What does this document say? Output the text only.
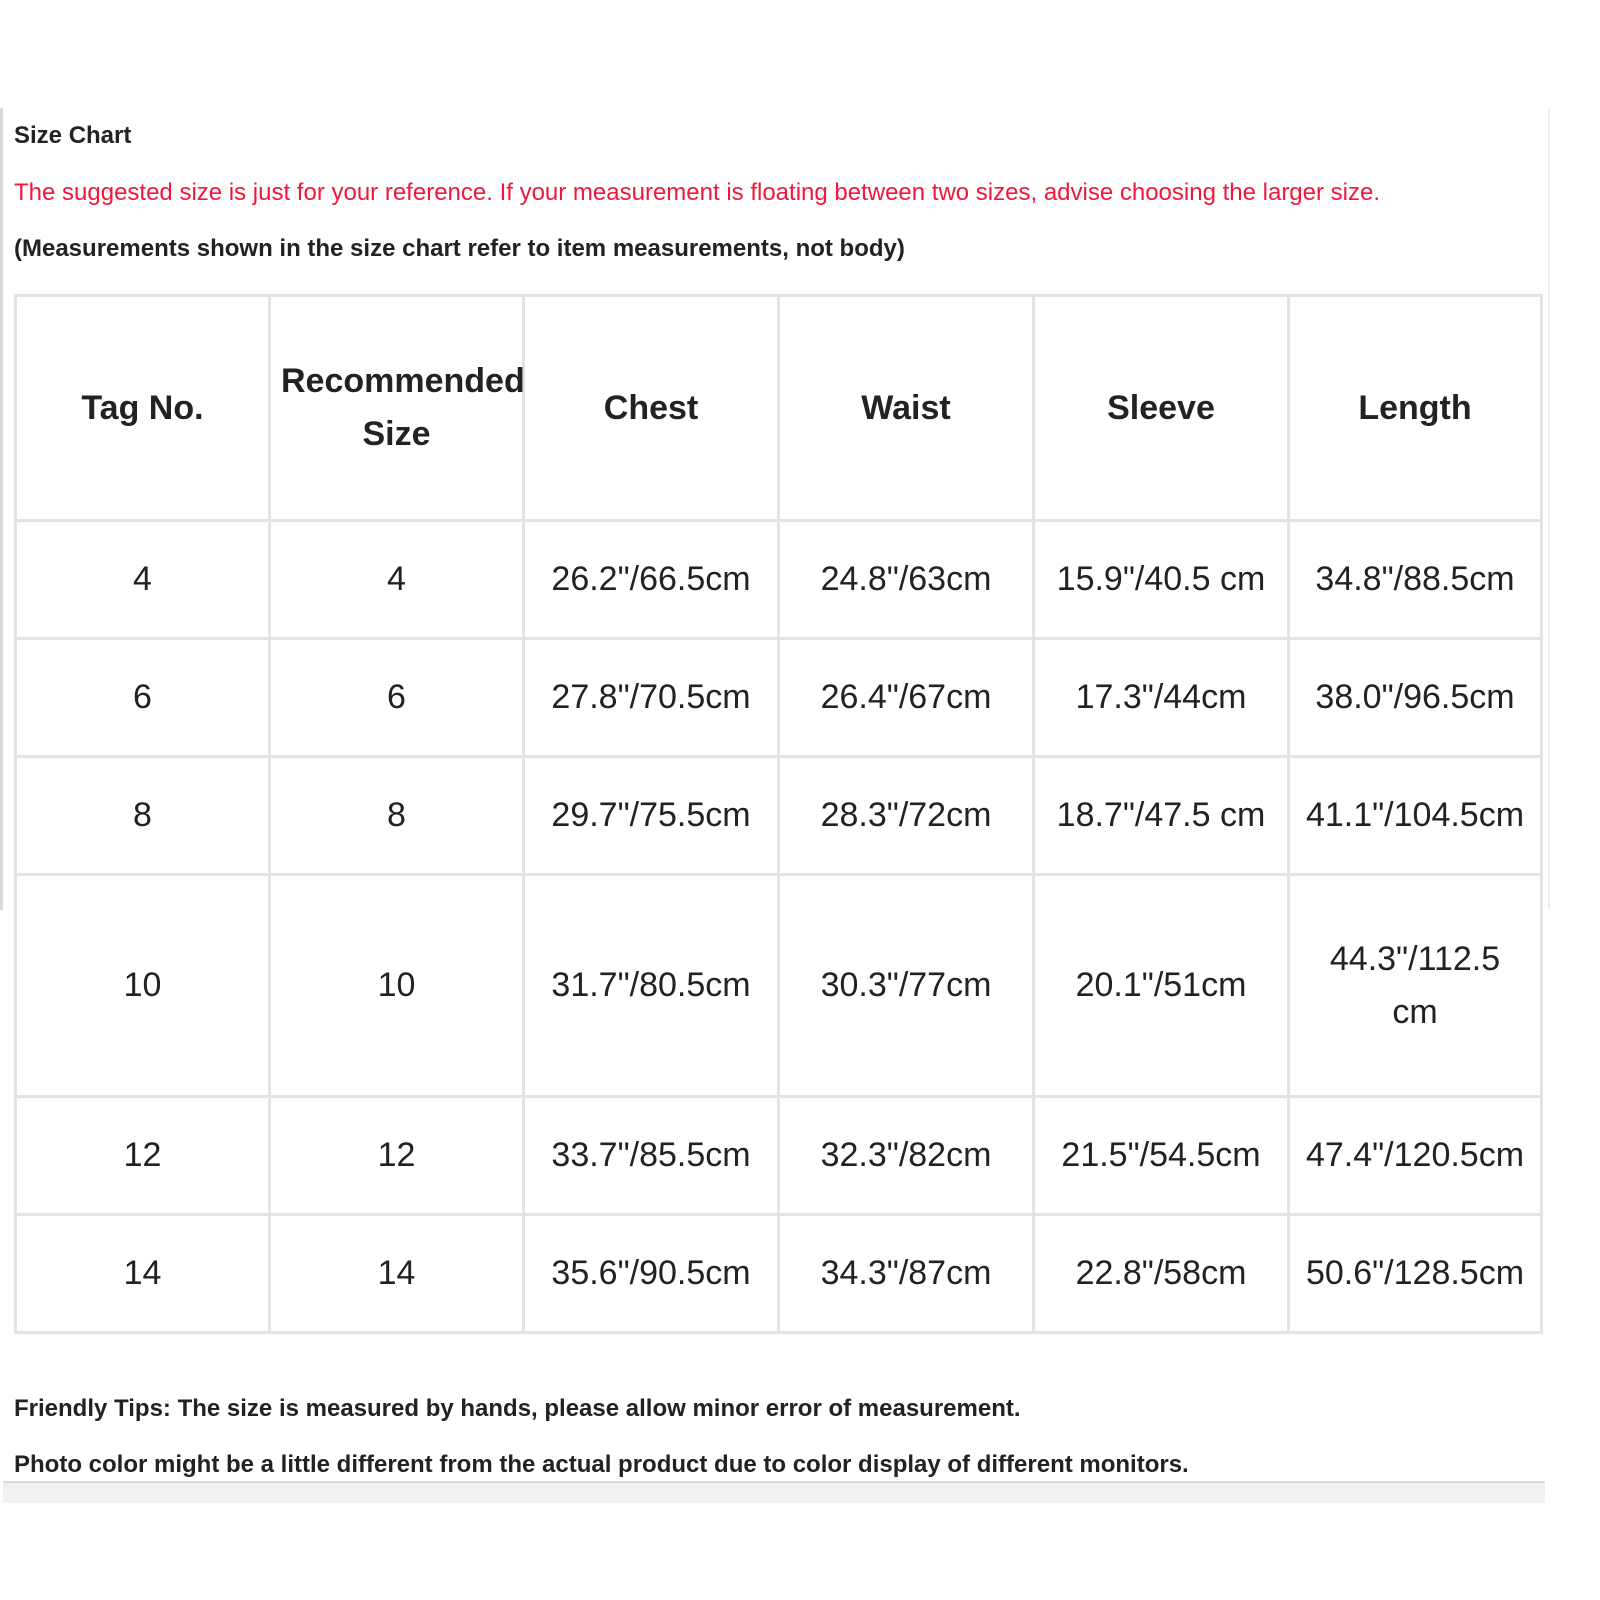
Size Chart
The suggested size is just for your reference. If your measurement is floating between two sizes, advise choosing the larger size.
(Measurements shown in the size chart refer to item measurements, not body)
Tag No.	Recommended Size	Chest	Waist	Sleeve	Length
4	4	26.2"/66.5cm	24.8"/63cm	15.9"/40.5 cm	34.8"/88.5cm
6	6	27.8"/70.5cm	26.4"/67cm	17.3"/44cm	38.0"/96.5cm
8	8	29.7"/75.5cm	28.3"/72cm	18.7"/47.5 cm	41.1"/104.5cm
10	10	31.7"/80.5cm	30.3"/77cm	20.1"/51cm	44.3"/112.5 cm
12	12	33.7"/85.5cm	32.3"/82cm	21.5"/54.5cm	47.4"/120.5cm
14	14	35.6"/90.5cm	34.3"/87cm	22.8"/58cm	50.6"/128.5cm
Friendly Tips: The size is measured by hands, please allow minor error of measurement.
Photo color might be a little different from the actual product due to color display of different monitors.
